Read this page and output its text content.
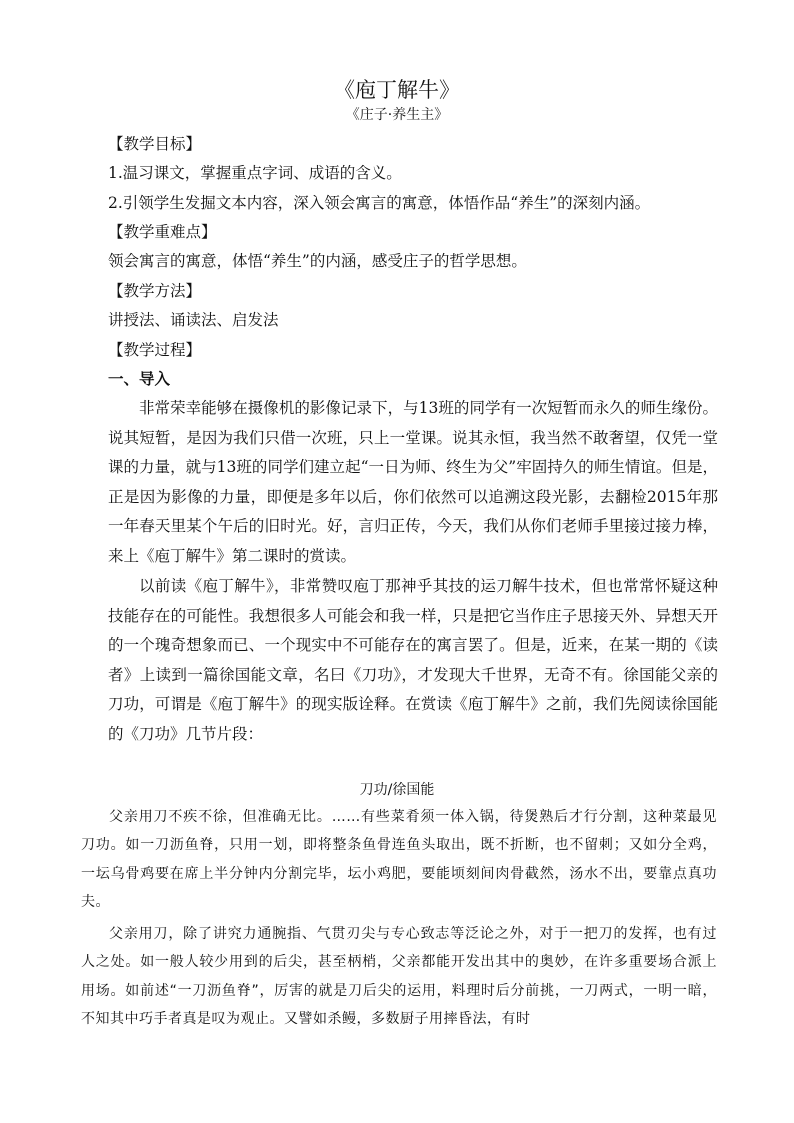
《庖丁解牛》
《庄子·养生主》
【教学目标】
1.温习课文，掌握重点字词、成语的含义。
2.引领学生发掘文本内容，深入领会寓言的寓意，体悟作品“养生”的深刻内涵。
【教学重难点】
领会寓言的寓意，体悟“养生”的内涵，感受庄子的哲学思想。
【教学方法】
讲授法、诵读法、启发法
【教学过程】
一、导入

非常荣幸能够在摄像机的影像记录下，与13班的同学有一次短暂而永久的师生缘份。说其短暂，是因为我们只借一次班，只上一堂课。说其永恒，我当然不敢奢望，仅凭一堂课的力量，就与13班的同学们建立起“一日为师、终生为父”牢固持久的师生情谊。但是，正是因为影像的力量，即便是多年以后，你们依然可以追溯这段光影，去翻检2015年那一年春天里某个午后的旧时光。好，言归正传，今天，我们从你们老师手里接过接力棒，来上《庖丁解牛》第二课时的赏读。

以前读《庖丁解牛》，非常赞叹庖丁那神乎其技的运刀解牛技术，但也常常怀疑这种技能存在的可能性。我想很多人可能会和我一样，只是把它当作庄子思接天外、异想天开的一个瑰奇想象而已、一个现实中不可能存在的寓言罢了。但是，近来，在某一期的《读者》上读到一篇徐国能文章，名曰《刀功》，才发现大千世界，无奇不有。徐国能父亲的刀功，可谓是《庖丁解牛》的现实版诠释。在赏读《庖丁解牛》之前，我们先阅读徐国能的《刀功》几节片段：

刀功/徐国能

父亲用刀不疾不徐，但准确无比。……有些菜肴须一体入锅，待煲熟后才行分割，这种菜最见刀功。如一刀沥鱼脊，只用一划，即将整条鱼骨连鱼头取出，既不折断，也不留刺；又如分全鸡，一坛乌骨鸡要在席上半分钟内分割完毕，坛小鸡肥，要能顷刻间肉骨截然，汤水不出，要靠点真功夫。

父亲用刀，除了讲究力通腕指、气贯刃尖与专心致志等泛论之外，对于一把刀的发挥，也有过人之处。如一般人较少用到的后尖，甚至柄梢，父亲都能开发出其中的奥妙，在许多重要场合派上用场。如前述“一刀沥鱼脊”，厉害的就是刀后尖的运用，料理时后分前挑，一刀两式，一明一暗，不知其中巧手者真是叹为观止。又譬如杀鳗，多数厨子用摔昏法，有时
